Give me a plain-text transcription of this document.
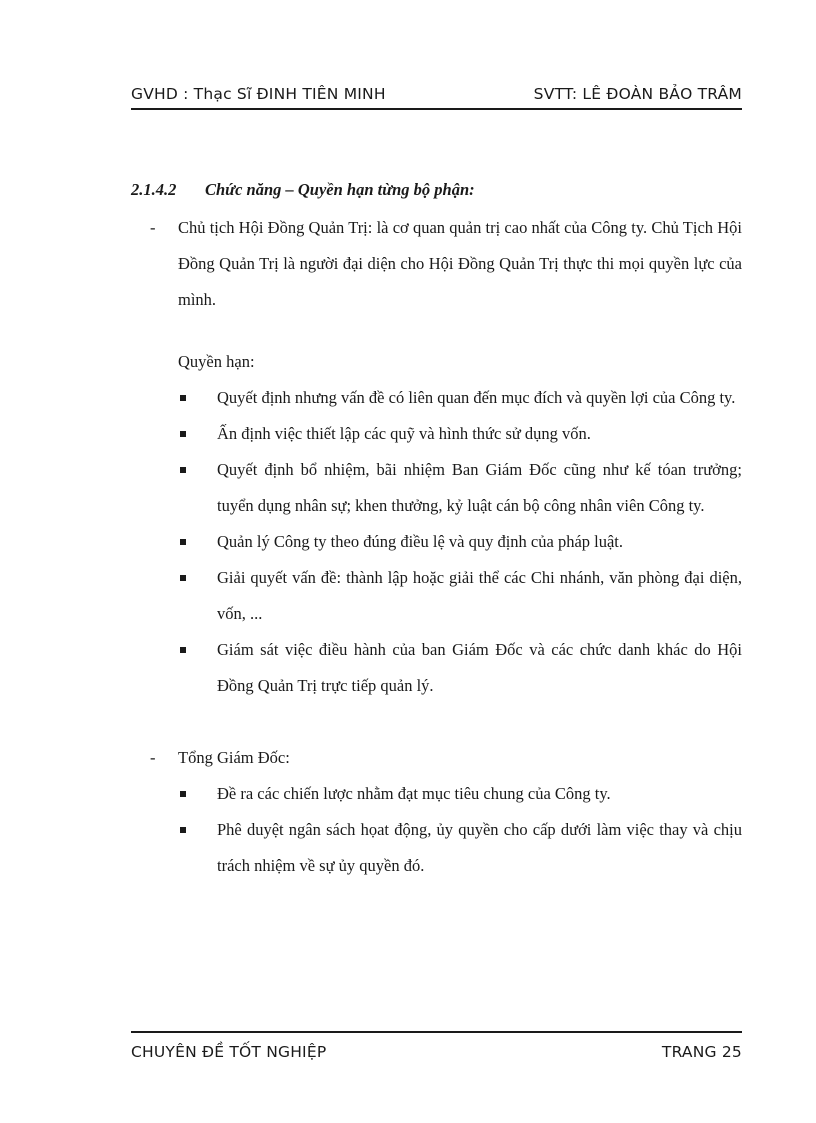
GVHD : Thạc Sĩ ĐINH TIÊN MINH	SVTT: LÊ ĐOÀN BẢO TRÂM
2.1.4.2 Chức năng – Quyền hạn từng bộ phận:
- Chủ tịch Hội Đồng Quản Trị: là cơ quan quản trị cao nhất của Công ty. Chủ Tịch Hội Đồng Quản Trị là người đại diện cho Hội Đồng Quản Trị thực thi mọi quyền lực của mình.
Quyền hạn:
Quyết định nhưng vấn đề có liên quan đến mục đích và quyền lợi của Công ty.
Ấn định việc thiết lập các quỹ và hình thức sử dụng vốn.
Quyết định bổ nhiệm, bãi nhiệm Ban Giám Đốc cũng như kế tóan trưởng; tuyển dụng nhân sự; khen thưởng, kỷ luật cán bộ công nhân viên Công ty.
Quản lý Công ty theo đúng điều lệ và quy định của pháp luật.
Giải quyết vấn đề: thành lập hoặc giải thể các Chi nhánh, văn phòng đại diện, vốn, ...
Giám sát việc điều hành của ban Giám Đốc và các chức danh khác do Hội Đồng Quản Trị trực tiếp quản lý.
- Tổng Giám Đốc:
Đề ra các chiến lược nhằm đạt mục tiêu chung của Công ty.
Phê duyệt ngân sách họat động, ủy quyền cho cấp dưới làm việc thay và chịu trách nhiệm về sự ủy quyền đó.
CHUYÊN ĐỀ TỐT NGHIỆP	TRANG 25
